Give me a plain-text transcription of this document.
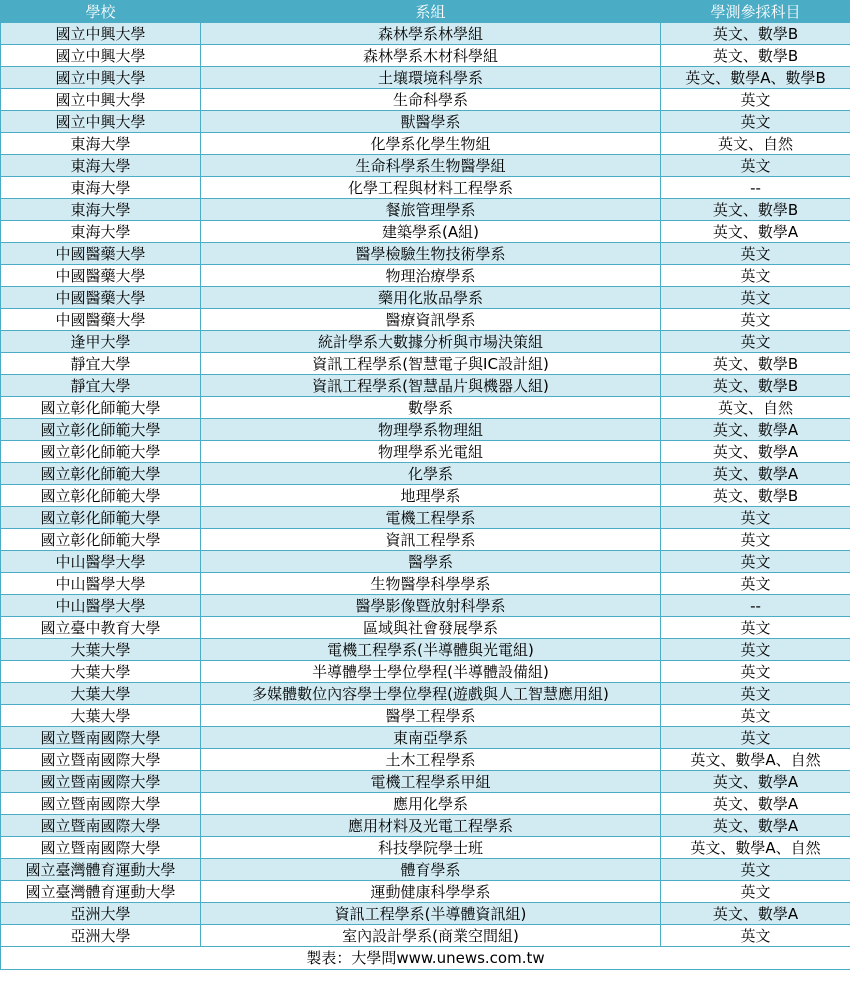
學校	系組	學測參採科目
國立中興大學	森林學系林學組	英文、數學B
國立中興大學	森林學系木材科學組	英文、數學B
國立中興大學	土壤環境科學系	英文、數學A、數學B
國立中興大學	生命科學系	英文
國立中興大學	獸醫學系	英文
東海大學	化學系化學生物組	英文、自然
東海大學	生命科學系生物醫學組	英文
東海大學	化學工程與材料工程學系	--
東海大學	餐旅管理學系	英文、數學B
東海大學	建築學系(A組)	英文、數學A
中國醫藥大學	醫學檢驗生物技術學系	英文
中國醫藥大學	物理治療學系	英文
中國醫藥大學	藥用化妝品學系	英文
中國醫藥大學	醫療資訊學系	英文
逢甲大學	統計學系大數據分析與市場決策組	英文
靜宜大學	資訊工程學系(智慧電子與IC設計組)	英文、數學B
靜宜大學	資訊工程學系(智慧晶片與機器人組)	英文、數學B
國立彰化師範大學	數學系	英文、自然
國立彰化師範大學	物理學系物理組	英文、數學A
國立彰化師範大學	物理學系光電組	英文、數學A
國立彰化師範大學	化學系	英文、數學A
國立彰化師範大學	地理學系	英文、數學B
國立彰化師範大學	電機工程學系	英文
國立彰化師範大學	資訊工程學系	英文
中山醫學大學	醫學系	英文
中山醫學大學	生物醫學科學學系	英文
中山醫學大學	醫學影像暨放射科學系	--
國立臺中教育大學	區域與社會發展學系	英文
大葉大學	電機工程學系(半導體與光電組)	英文
大葉大學	半導體學士學位學程(半導體設備組)	英文
大葉大學	多媒體數位內容學士學位學程(遊戲與人工智慧應用組)	英文
大葉大學	醫學工程學系	英文
國立暨南國際大學	東南亞學系	英文
國立暨南國際大學	土木工程學系	英文、數學A、自然
國立暨南國際大學	電機工程學系甲組	英文、數學A
國立暨南國際大學	應用化學系	英文、數學A
國立暨南國際大學	應用材料及光電工程學系	英文、數學A
國立暨南國際大學	科技學院學士班	英文、數學A、自然
國立臺灣體育運動大學	體育學系	英文
國立臺灣體育運動大學	運動健康科學學系	英文
亞洲大學	資訊工程學系(半導體資訊組)	英文、數學A
亞洲大學	室內設計學系(商業空間組)	英文
製表：大學問www.unews.com.tw		
